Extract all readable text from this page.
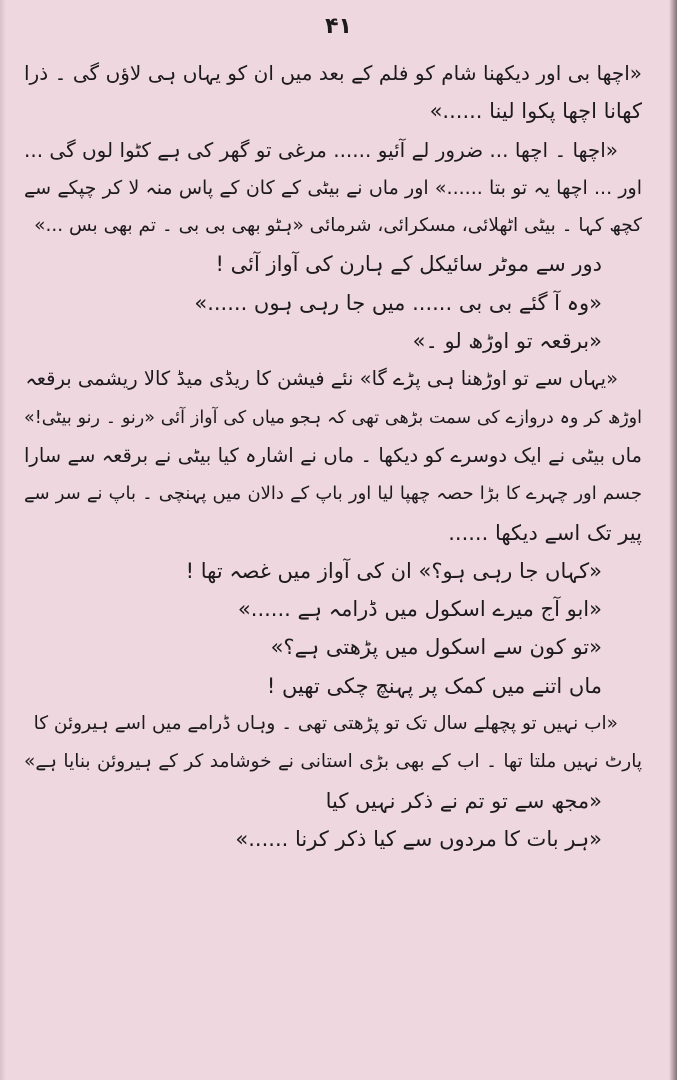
۴۱
«اچھا بی اور دیکھنا شام کو فلم کے بعد میں ان کو یہاں ہی لاؤں گی ۔ ذرا
کھانا اچھا پکوا لینا ......»
«اچھا ۔ اچھا ... ضرور لے آئیو ...... مرغی تو گھر کی ہے کٹوا لوں گی ...
اور ... اچھا یہ تو بتا ......» اور ماں نے بیٹی کے کان کے پاس منہ لا کر چپکے سے
کچھ کہا ۔ بیٹی اٹھلائی، مسکرائی، شرمائی «ہٹو بھی بی بی ۔ تم بھی بس ...»
دور سے موٹر سائیکل کے ہارن کی آواز آئی !
«وہ آ گئے بی بی ...... میں جا رہی ہوں ......»
«برقعہ تو اوڑھ لو ۔»
«یہاں سے تو اوڑھنا ہی پڑے گا» نئے فیشن کا ریڈی میڈ کالا ریشمی برقعہ
اوڑھ کر وہ دروازے کی سمت بڑھی تھی کہ ہجو میاں کی آواز آئی «رنو ۔ رنو بیٹی!»
ماں بیٹی نے ایک دوسرے کو دیکھا ۔ ماں نے اشارہ کیا بیٹی نے برقعہ سے سارا
جسم اور چہرے کا بڑا حصہ چھپا لیا اور باپ کے دالان میں پہنچی ۔ باپ نے سر سے
پیر تک اسے دیکھا ......
«کہاں جا رہی ہو؟» ان کی آواز میں غصہ تھا !
«ابو آج میرے اسکول میں ڈرامہ ہے ......»
«تو کون سے اسکول میں پڑھتی ہے؟»
ماں اتنے میں کمک پر پہنچ چکی تھیں !
«اب نہیں تو پچھلے سال تک تو پڑھتی تھی ۔ وہاں ڈرامے میں اسے ہیروئن کا
پارٹ نہیں ملتا تھا ۔ اب کے بھی بڑی استانی نے خوشامد کر کے ہیروئن بنایا ہے»
«مجھ سے تو تم نے ذکر نہیں کیا
«ہر بات کا مردوں سے کیا ذکر کرنا ......»
